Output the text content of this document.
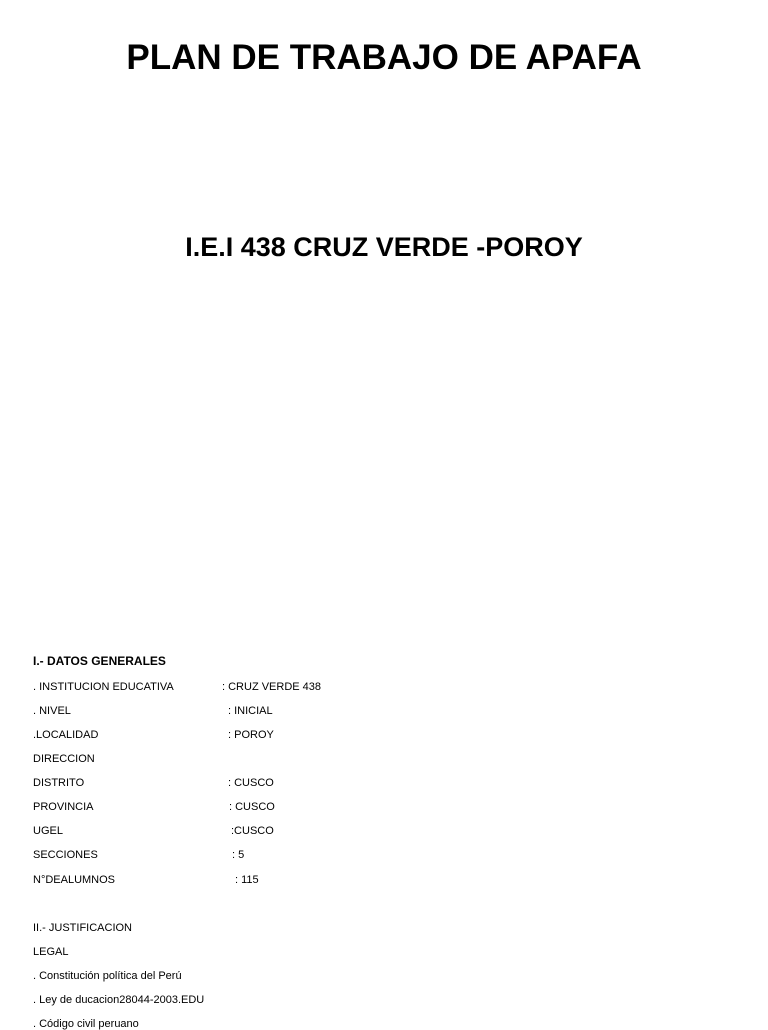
PLAN DE TRABAJO DE APAFA
I.E.I 438 CRUZ VERDE -POROY
I.- DATOS GENERALES
. INSTITUCION EDUCATIVA	: CRUZ VERDE 438
. NIVEL	: INICIAL
.LOCALIDAD	: POROY
DIRECCION
DISTRITO	: CUSCO
PROVINCIA	: CUSCO
UGEL	:CUSCO
SECCIONES	: 5
N°DEALUMNOS	: 115
II.- JUSTIFICACION
LEGAL
. Constitución política del Perú
. Ley de ducacion28044-2003.EDU
. Código civil peruano
